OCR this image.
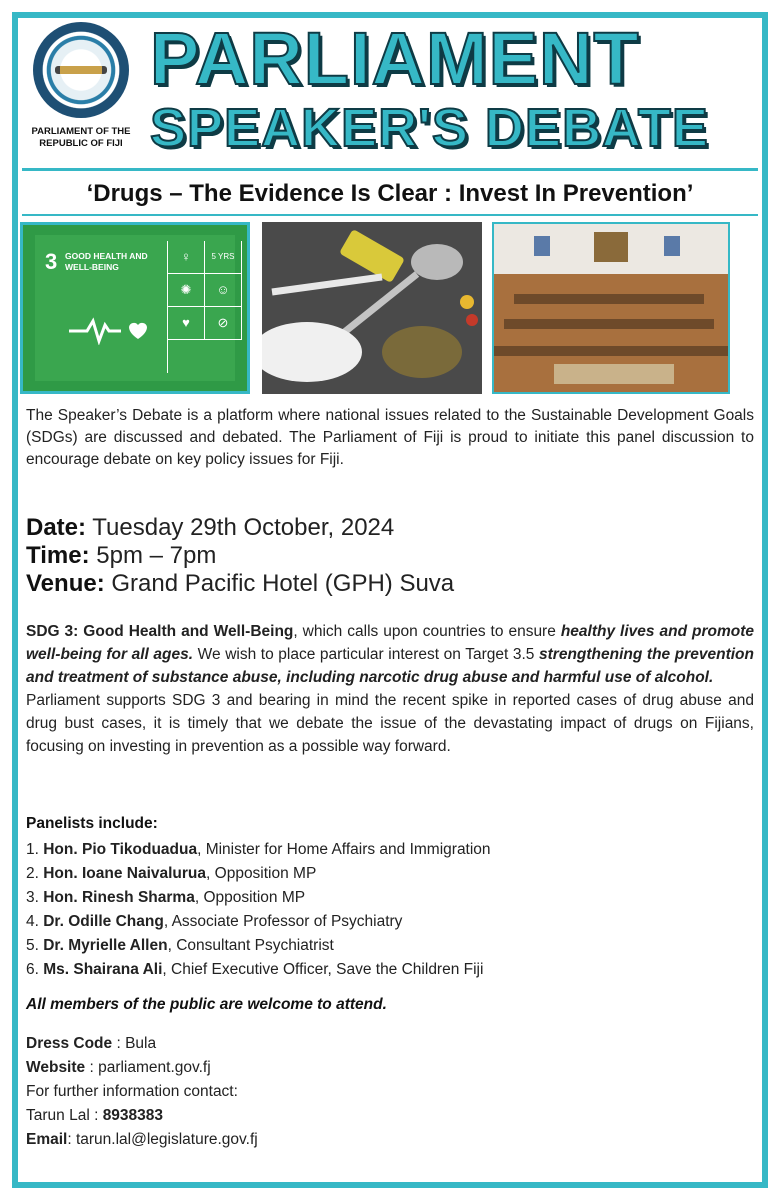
PARLIAMENT OF THE
REPUBLIC OF FIJI
PARLIAMENT
SPEAKER'S DEBATE
‘Drugs – The Evidence Is Clear : Invest In Prevention’
3 GOOD HEALTH AND WELL-BEING
♀	5 YRS
✺	☺
♥	⊘
The Speaker’s Debate is a platform where national issues related to the Sustainable Development Goals (SDGs) are discussed and debated. The Parliament of Fiji is proud to initiate this panel discussion to encourage debate on key policy issues for Fiji.
Date: Tuesday 29th October, 2024
Time: 5pm – 7pm
Venue: Grand Pacific Hotel (GPH) Suva
SDG 3: Good Health and Well-Being, which calls upon countries to ensure healthy lives and promote well-being for all ages. We wish to place particular interest on Target 3.5 strengthening the prevention and treatment of substance abuse, including narcotic drug abuse and harmful use of alcohol.
Parliament supports SDG 3 and bearing in mind the recent spike in reported cases of drug abuse and drug bust cases, it is timely that we debate the issue of the devastating impact of drugs on Fijians, focusing on investing in prevention as a possible way forward.
Panelists include:
1. Hon. Pio Tikoduadua, Minister for Home Affairs and Immigration
2. Hon. Ioane Naivalurua, Opposition MP
3. Hon. Rinesh Sharma, Opposition MP
4. Dr. Odille Chang, Associate Professor of Psychiatry
5. Dr. Myrielle Allen, Consultant Psychiatrist
6. Ms. Shairana Ali, Chief Executive Officer, Save the Children Fiji
All members of the public are welcome to attend.
Dress Code : Bula
Website : parliament.gov.fj
For further information contact:
Tarun Lal : 8938383
Email: tarun.lal@legislature.gov.fj
